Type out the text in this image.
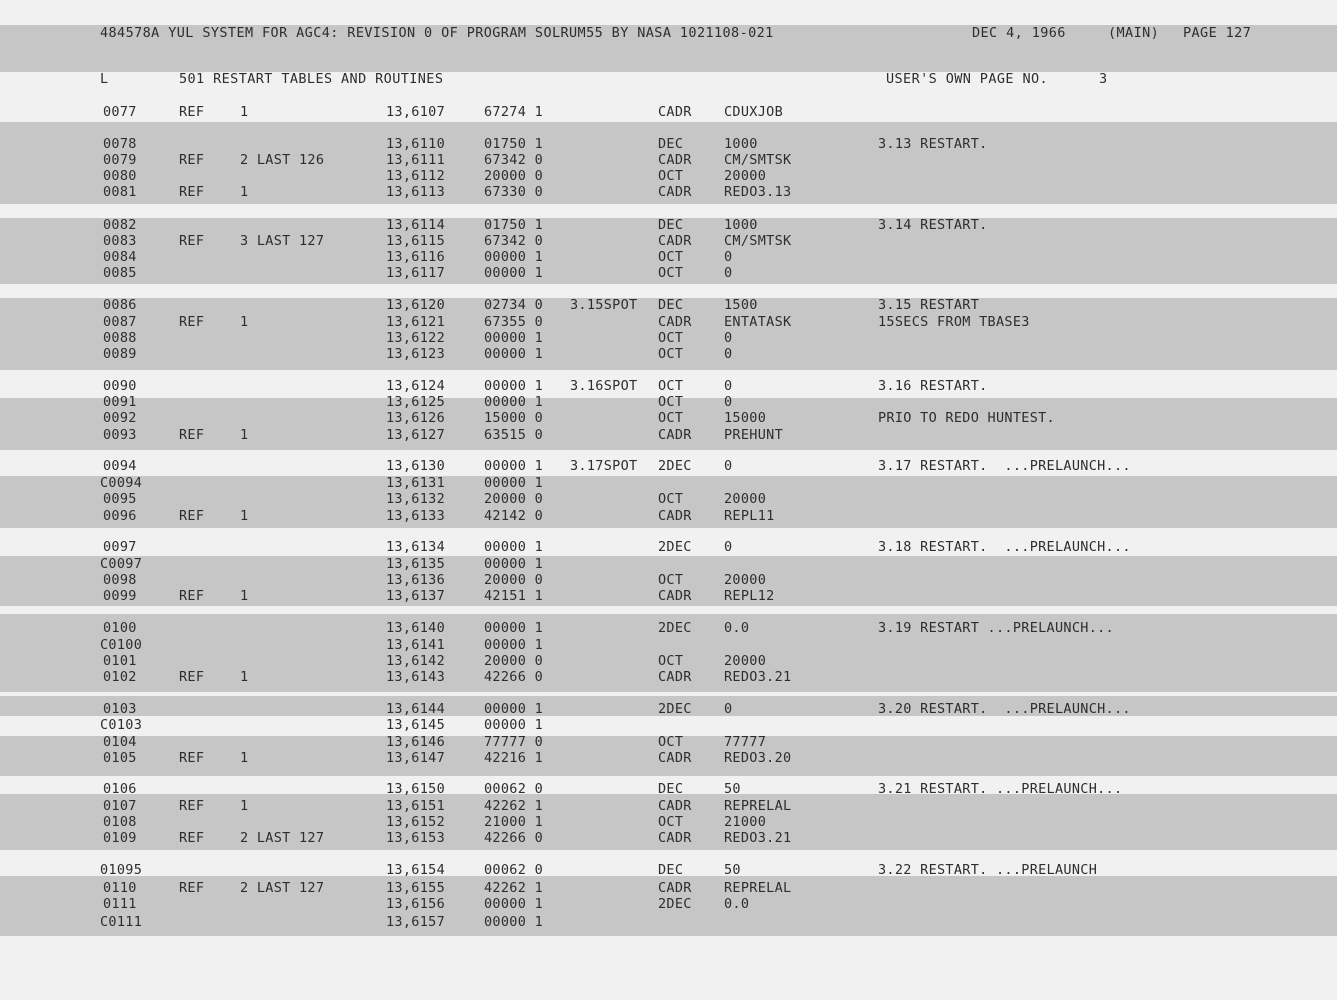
484578A YUL SYSTEM FOR AGC4: REVISION 0 OF PROGRAM SOLRUM55 BY NASA 1021108-021	DEC 4, 1966	(MAIN) PAGE 127
L	501 RESTART TABLES AND ROUTINES	USER'S OWN PAGE NO.	3
0077	REF	1	13,6107	67274 1	CADR CDUXJOB
0078	13,6110	01750 1	DEC	1000	3.13 RESTART.
0079	REF	2 LAST 126	13,6111	67342 0	CADR CM/SMTSK
0080	13,6112	20000 0	OCT	20000
0081	REF	1	13,6113	67330 0	CADR REDO3.13
0082	13,6114	01750 1	DEC	1000	3.14 RESTART.
0083	REF	3 LAST 127	13,6115	67342 0	CADR CM/SMTSK
0084	13,6116	00000 1	OCT	0
0085	13,6117	00000 1	OCT	0
0086	13,6120	02734 0 3.15SPOT DEC	1500	3.15 RESTART
0087	REF	1	13,6121	67355 0	CADR ENTATASK	15SECS FROM TBASE3
0088	13,6122	00000 1	OCT	0
0089	13,6123	00000 1	OCT	0
0090	13,6124	00000 1 3.16SPOT OCT	0	3.16 RESTART.
0091	13,6125	00000 1	OCT	0
0092	13,6126	15000 0	OCT	15000	PRIO TO REDO HUNTEST.
0093	REF	1	13,6127	63515 0	CADR PREHUNT
0094	13,6130	00000 1 3.17SPOT 2DEC 0	3.17 RESTART.  ...PRELAUNCH...
C0094	13,6131	00000 1
0095	13,6132	20000 0	OCT	20000
0096	REF	1	13,6133	42142 0	CADR REPL11
0097	13,6134	00000 1	2DEC 0	3.18 RESTART.  ...PRELAUNCH...
C0097	13,6135	00000 1
0098	13,6136	20000 0	OCT	20000
0099	REF	1	13,6137	42151 1	CADR REPL12
0100	13,6140	00000 1	2DEC 0.0	3.19 RESTART ...PRELAUNCH...
C0100	13,6141	00000 1
0101	13,6142	20000 0	OCT	20000
0102	REF	1	13,6143	42266 0	CADR REDO3.21
0103	13,6144	00000 1	2DEC 0	3.20 RESTART.  ...PRELAUNCH...
C0103	13,6145	00000 1
0104	13,6146	77777 0	OCT	77777
0105	REF	1	13,6147	42216 1	CADR REDO3.20
0106	13,6150	00062 0	DEC	50	3.21 RESTART. ...PRELAUNCH...
0107	REF	1	13,6151	42262 1	CADR REPRELAL
0108	13,6152	21000 1	OCT	21000
0109	REF	2 LAST 127	13,6153	42266 0	CADR REDO3.21
01095	13,6154	00062 0	DEC	50	3.22 RESTART. ...PRELAUNCH
0110	REF	2 LAST 127	13,6155	42262 1	CADR REPRELAL
0111	13,6156	00000 1	2DEC 0.0
C0111	13,6157	00000 1
